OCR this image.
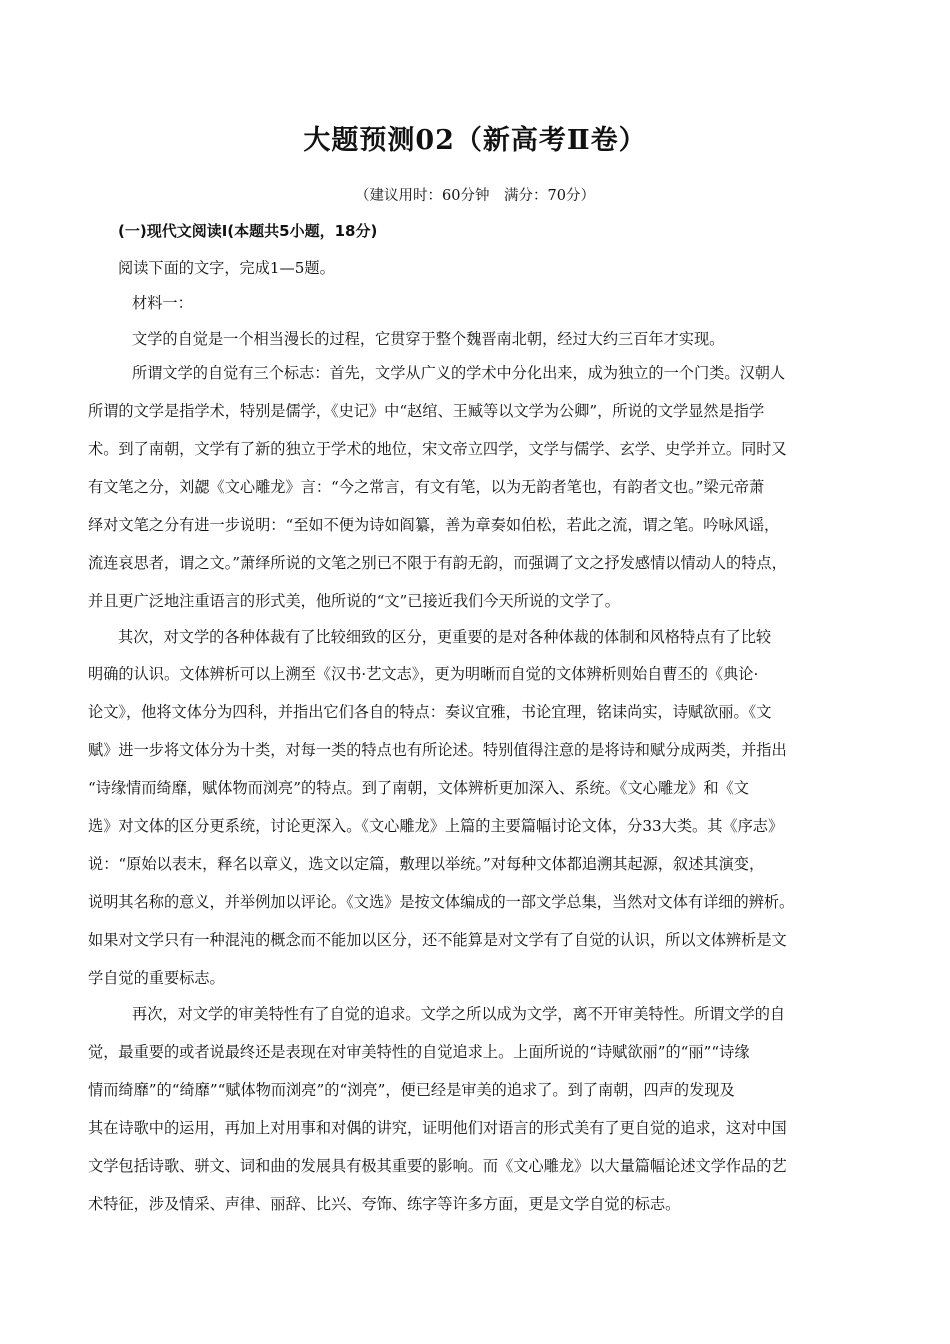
大题预测02（新高考Ⅱ卷）
（建议用时：60分钟　满分：70分）
(一)现代文阅读Ⅰ(本题共5小题，18分)
阅读下面的文字，完成1—5题。
材料一：
文学的自觉是一个相当漫长的过程，它贯穿于整个魏晋南北朝，经过大约三百年才实现。
所谓文学的自觉有三个标志：首先，文学从广义的学术中分化出来，成为独立的一个门类。汉朝人
所谓的文学是指学术，特别是儒学，《史记》中“赵绾、王臧等以文学为公卿”，所说的文学显然是指学
术。到了南朝，文学有了新的独立于学术的地位，宋文帝立四学，文学与儒学、玄学、史学并立。同时又
有文笔之分，刘勰《文心雕龙》言：“今之常言，有文有笔，以为无韵者笔也，有韵者文也。”梁元帝萧
绎对文笔之分有进一步说明：“至如不便为诗如阎纂，善为章奏如伯松，若此之流，谓之笔。吟咏风谣，
流连哀思者，谓之文。”萧绎所说的文笔之别已不限于有韵无韵，而强调了文之抒发感情以情动人的特点，
并且更广泛地注重语言的形式美，他所说的“文”已接近我们今天所说的文学了。
其次，对文学的各种体裁有了比较细致的区分，更重要的是对各种体裁的体制和风格特点有了比较
明确的认识。文体辨析可以上溯至《汉书·艺文志》，更为明晰而自觉的文体辨析则始自曹丕的《典论·
论文》，他将文体分为四科，并指出它们各自的特点：奏议宜雅，书论宜理，铭诔尚实，诗赋欲丽。《文
赋》进一步将文体分为十类，对每一类的特点也有所论述。特别值得注意的是将诗和赋分成两类，并指出
“诗缘情而绮靡，赋体物而浏亮”的特点。到了南朝，文体辨析更加深入、系统。《文心雕龙》和《文
选》对文体的区分更系统，讨论更深入。《文心雕龙》上篇的主要篇幅讨论文体，分33大类。其《序志》
说：“原始以表末，释名以章义，选文以定篇，敷理以举统。”对每种文体都追溯其起源，叙述其演变，
说明其名称的意义，并举例加以评论。《文选》是按文体编成的一部文学总集，当然对文体有详细的辨析。
如果对文学只有一种混沌的概念而不能加以区分，还不能算是对文学有了自觉的认识，所以文体辨析是文
学自觉的重要标志。
再次，对文学的审美特性有了自觉的追求。文学之所以成为文学，离不开审美特性。所谓文学的自
觉，最重要的或者说最终还是表现在对审美特性的自觉追求上。上面所说的“诗赋欲丽”的“丽”“诗缘
情而绮靡”的“绮靡”“赋体物而浏亮”的“浏亮”，便已经是审美的追求了。到了南朝，四声的发现及
其在诗歌中的运用，再加上对用事和对偶的讲究，证明他们对语言的形式美有了更自觉的追求，这对中国
文学包括诗歌、骈文、词和曲的发展具有极其重要的影响。而《文心雕龙》以大量篇幅论述文学作品的艺
术特征，涉及情采、声律、丽辞、比兴、夸饰、练字等许多方面，更是文学自觉的标志。
